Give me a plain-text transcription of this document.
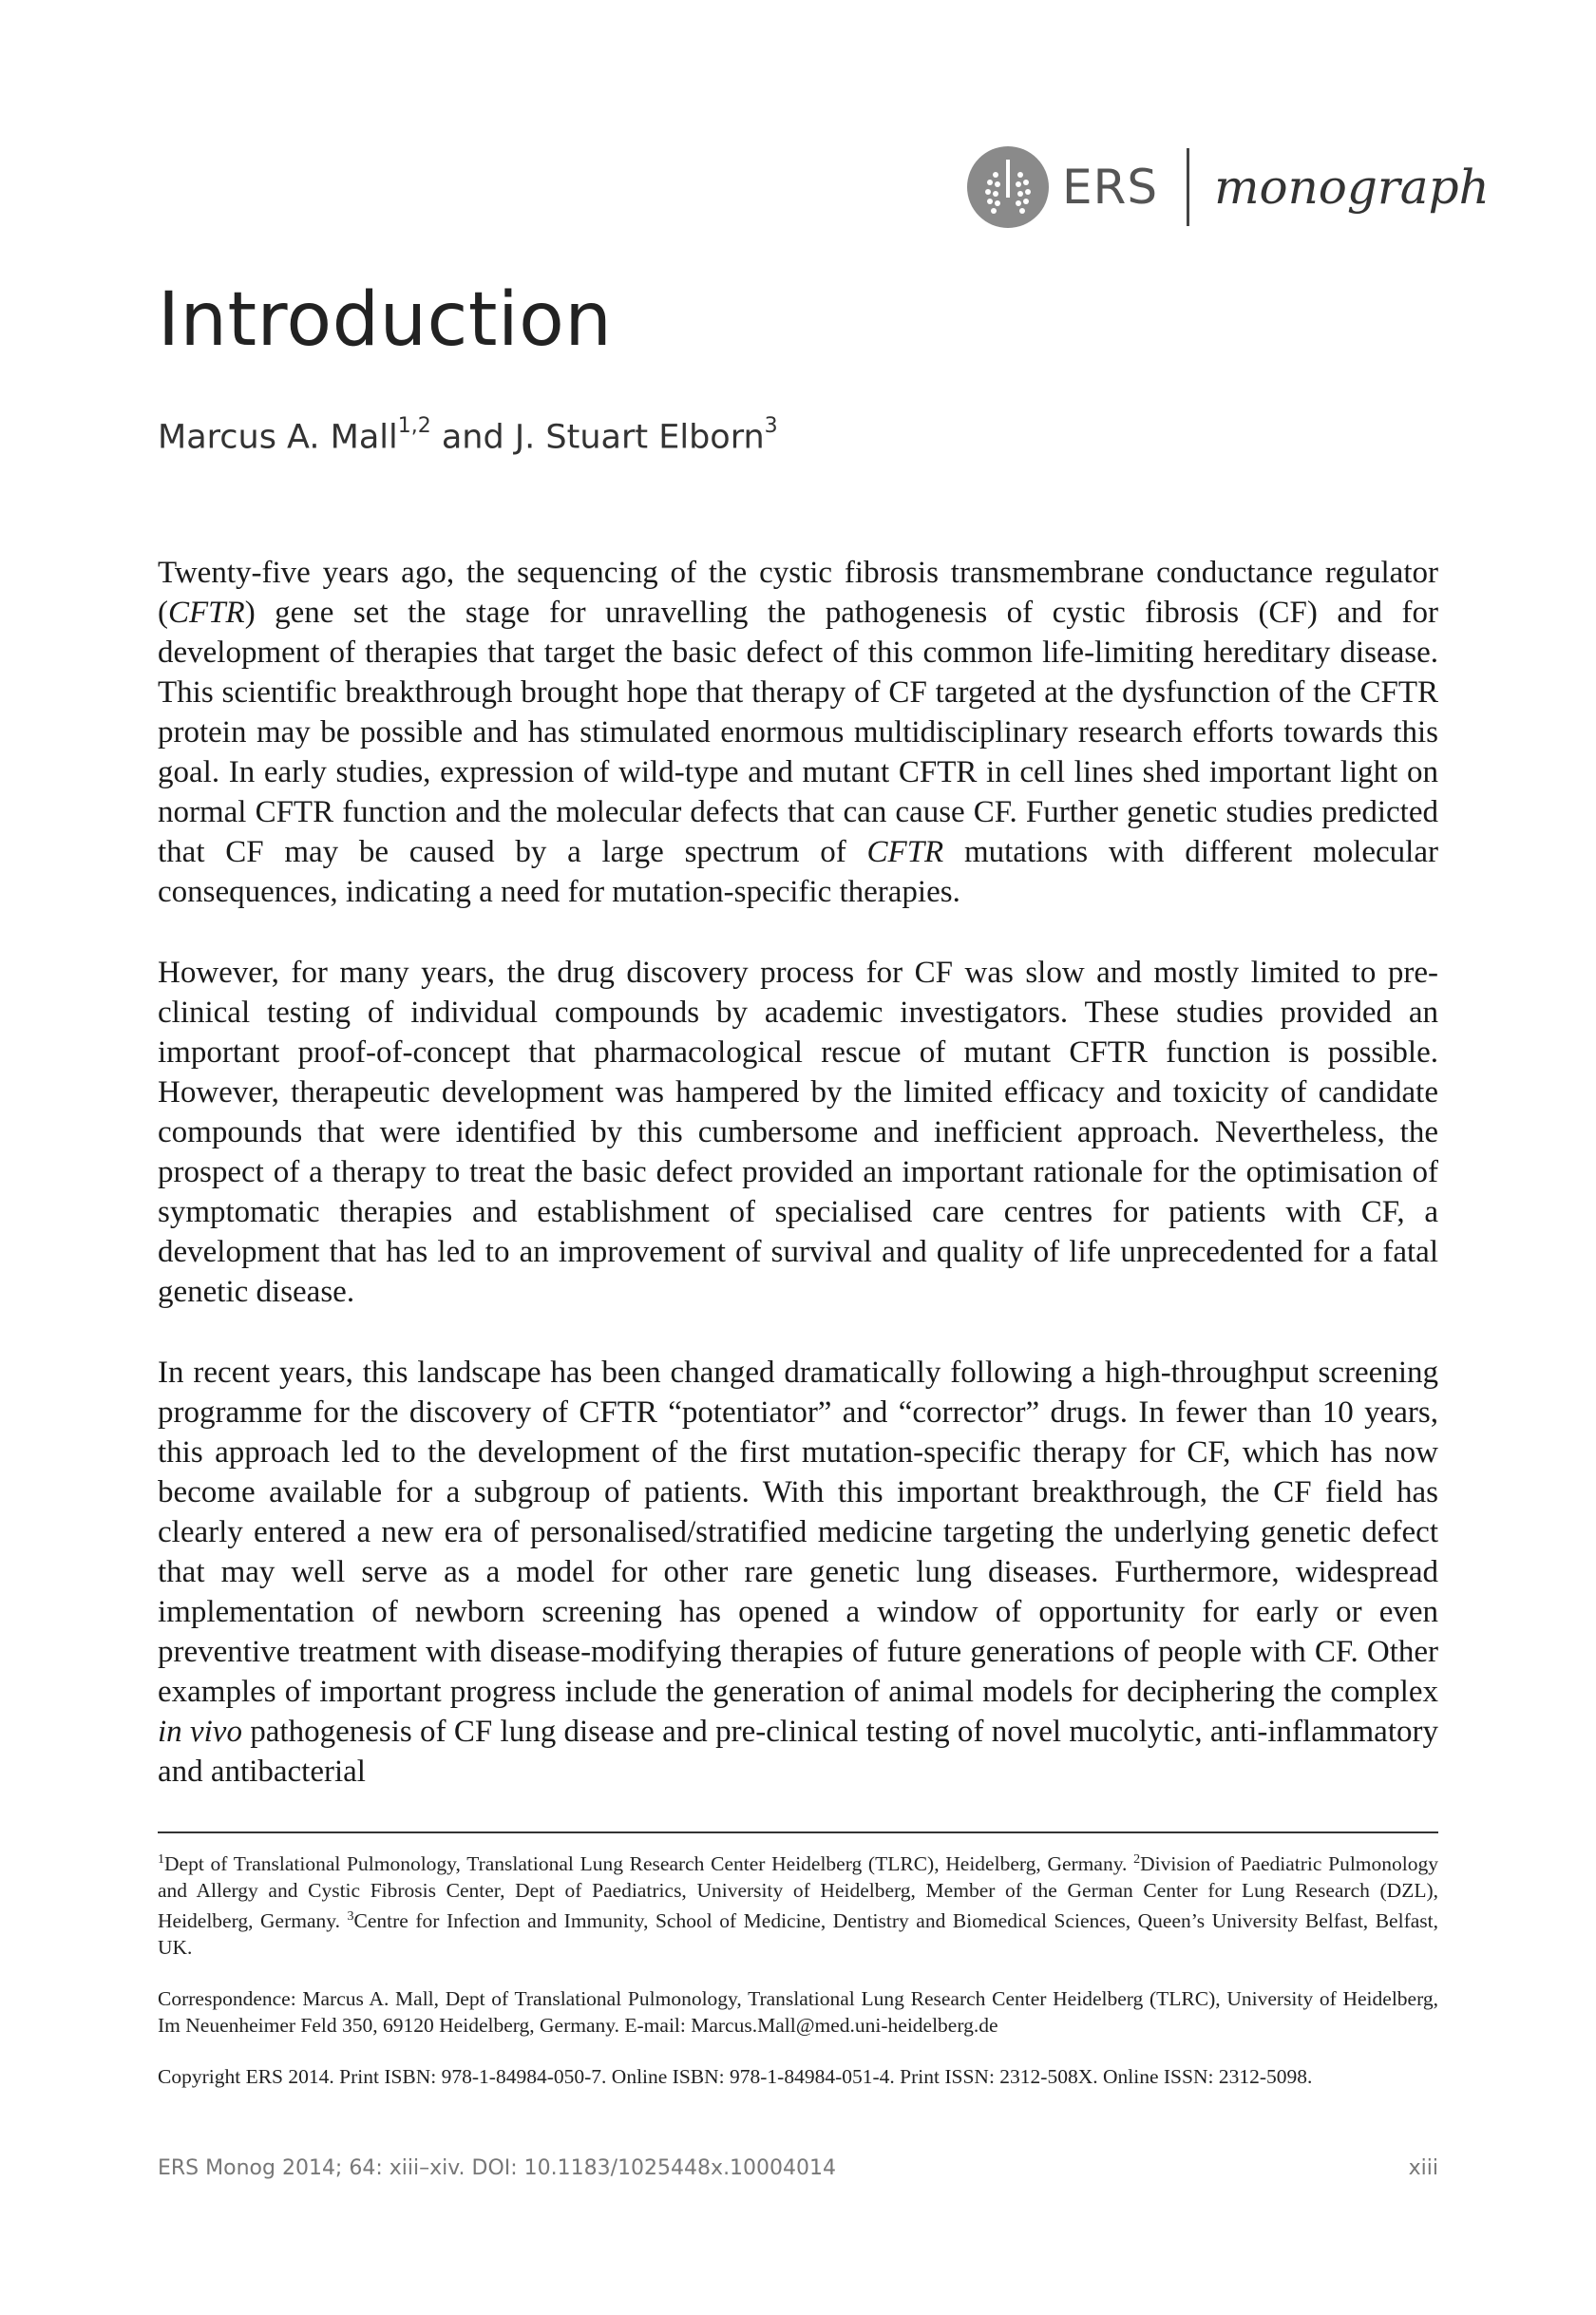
ERS monograph
Introduction
Marcus A. Mall$^{1,2}$ and J. Stuart Elborn$^3$

Twenty-five years ago, the sequencing of the cystic fibrosis transmembrane conductance regulator (CFTR) gene set the stage for unravelling the pathogenesis of cystic fibrosis (CF) and for development of therapies that target the basic defect of this common life-limiting hereditary disease. This scientific breakthrough brought hope that therapy of CF targeted at the dysfunction of the CFTR protein may be possible and has stimulated enormous multidisciplinary research efforts towards this goal. In early studies, expression of wild-type and mutant CFTR in cell lines shed important light on normal CFTR function and the molecular defects that can cause CF. Further genetic studies predicted that CF may be caused by a large spectrum of CFTR mutations with different molecular consequences, indicating a need for mutation-specific therapies.

However, for many years, the drug discovery process for CF was slow and mostly limited to pre-clinical testing of individual compounds by academic investigators. These studies provided an important proof-of-concept that pharmacological rescue of mutant CFTR function is possible. However, therapeutic development was hampered by the limited efficacy and toxicity of candidate compounds that were identified by this cumbersome and inefficient approach. Nevertheless, the prospect of a therapy to treat the basic defect provided an important rationale for the optimisation of symptomatic therapies and establishment of specialised care centres for patients with CF, a development that has led to an improvement of survival and quality of life unprecedented for a fatal genetic disease.

In recent years, this landscape has been changed dramatically following a high-throughput screening programme for the discovery of CFTR “potentiator” and “corrector” drugs. In fewer than 10 years, this approach led to the development of the first mutation-specific therapy for CF, which has now become available for a subgroup of patients. With this important breakthrough, the CF field has clearly entered a new era of personalised/stratified medicine targeting the underlying genetic defect that may well serve as a model for other rare genetic lung diseases. Furthermore, widespread implementation of newborn screening has opened a window of opportunity for early or even preventive treatment with disease-modifying therapies of future generations of people with CF. Other examples of important progress include the generation of animal models for deciphering the complex in vivo pathogenesis of CF lung disease and pre-clinical testing of novel mucolytic, anti-inflammatory and antibacterial

$^1$Dept of Translational Pulmonology, Translational Lung Research Center Heidelberg (TLRC), Heidelberg, Germany. $^2$Division of Paediatric Pulmonology and Allergy and Cystic Fibrosis Center, Dept of Paediatrics, University of Heidelberg, Member of the German Center for Lung Research (DZL), Heidelberg, Germany. $^3$Centre for Infection and Immunity, School of Medicine, Dentistry and Biomedical Sciences, Queen’s University Belfast, Belfast, UK.

Correspondence: Marcus A. Mall, Dept of Translational Pulmonology, Translational Lung Research Center Heidelberg (TLRC), University of Heidelberg, Im Neuenheimer Feld 350, 69120 Heidelberg, Germany. E-mail: Marcus.Mall@med.uni-heidelberg.de

Copyright ERS 2014. Print ISBN: 978-1-84984-050-7. Online ISBN: 978-1-84984-051-4. Print ISSN: 2312-508X. Online ISSN: 2312-5098.

ERS Monog 2014; 64: xiii–xiv. DOI: 10.1183/1025448x.10004014	xiii
